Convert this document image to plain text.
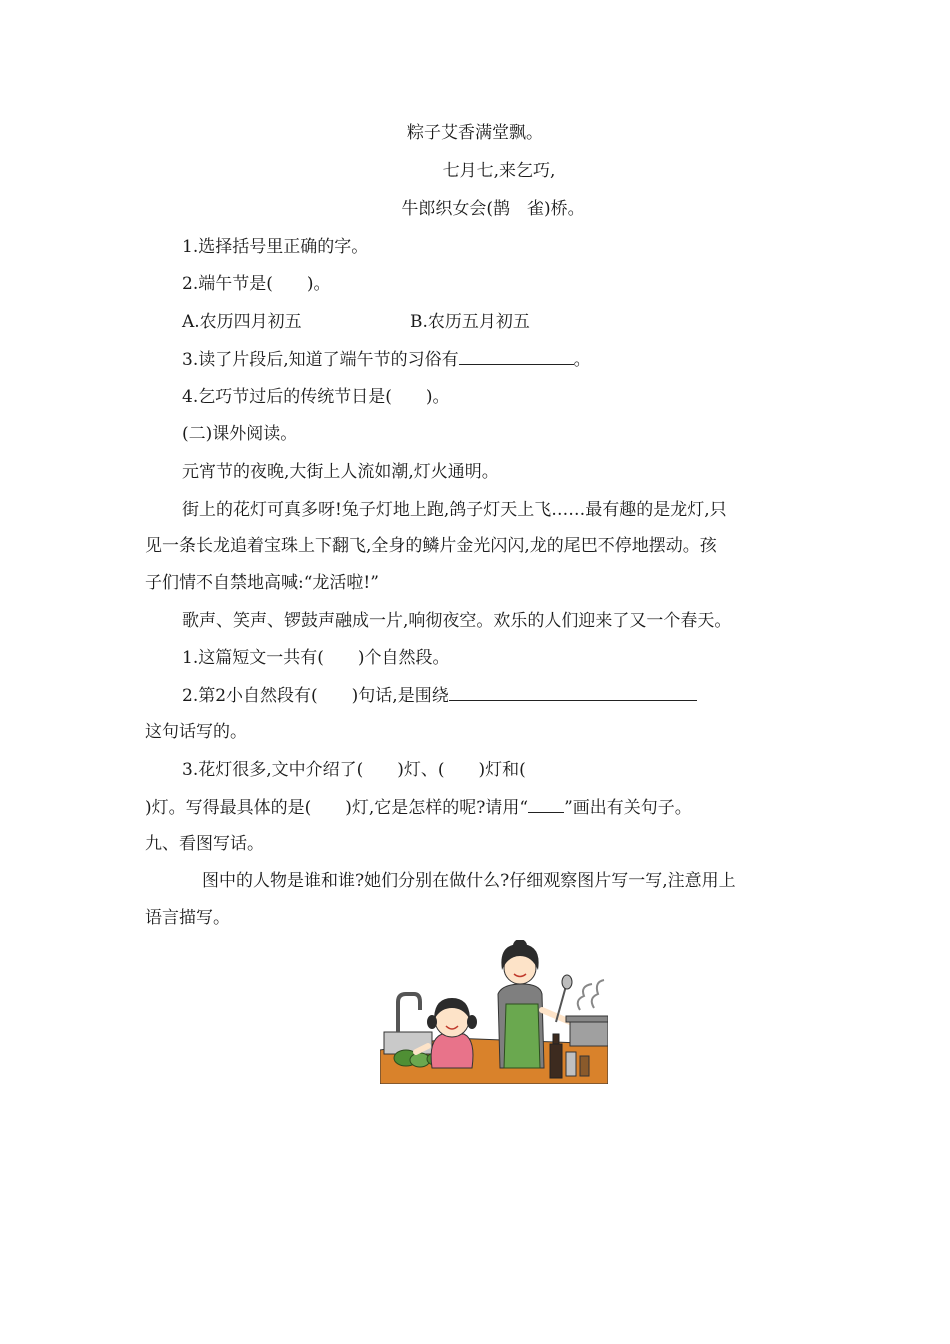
粽子艾香满堂飘。
七月七,来乞巧,
牛郎织女会(鹊　雀)桥。
1.选择括号里正确的字。
2.端午节是(　　)。
A.农历四月初五	B.农历五月初五
3.读了片段后,知道了端午节的习俗有	。
4.乞巧节过后的传统节日是(　　)。
(二)课外阅读。
元宵节的夜晚,大街上人流如潮,灯火通明。
街上的花灯可真多呀!兔子灯地上跑,鸽子灯天上飞……最有趣的是龙灯,只
见一条长龙追着宝珠上下翻飞,全身的鳞片金光闪闪,龙的尾巴不停地摆动。孩
子们情不自禁地高喊:“龙活啦!”
歌声、笑声、锣鼓声融成一片,响彻夜空。欢乐的人们迎来了又一个春天。
1.这篇短文一共有(　　)个自然段。
2.第2小自然段有(　　)句话,是围绕
这句话写的。
3.花灯很多,文中介绍了(　　)灯、(　　)灯和(
)灯。写得最具体的是(　　)灯,它是怎样的呢?请用“ ”画出有关句子。
九、看图写话。
图中的人物是谁和谁?她们分别在做什么?仔细观察图片写一写,注意用上
语言描写。
